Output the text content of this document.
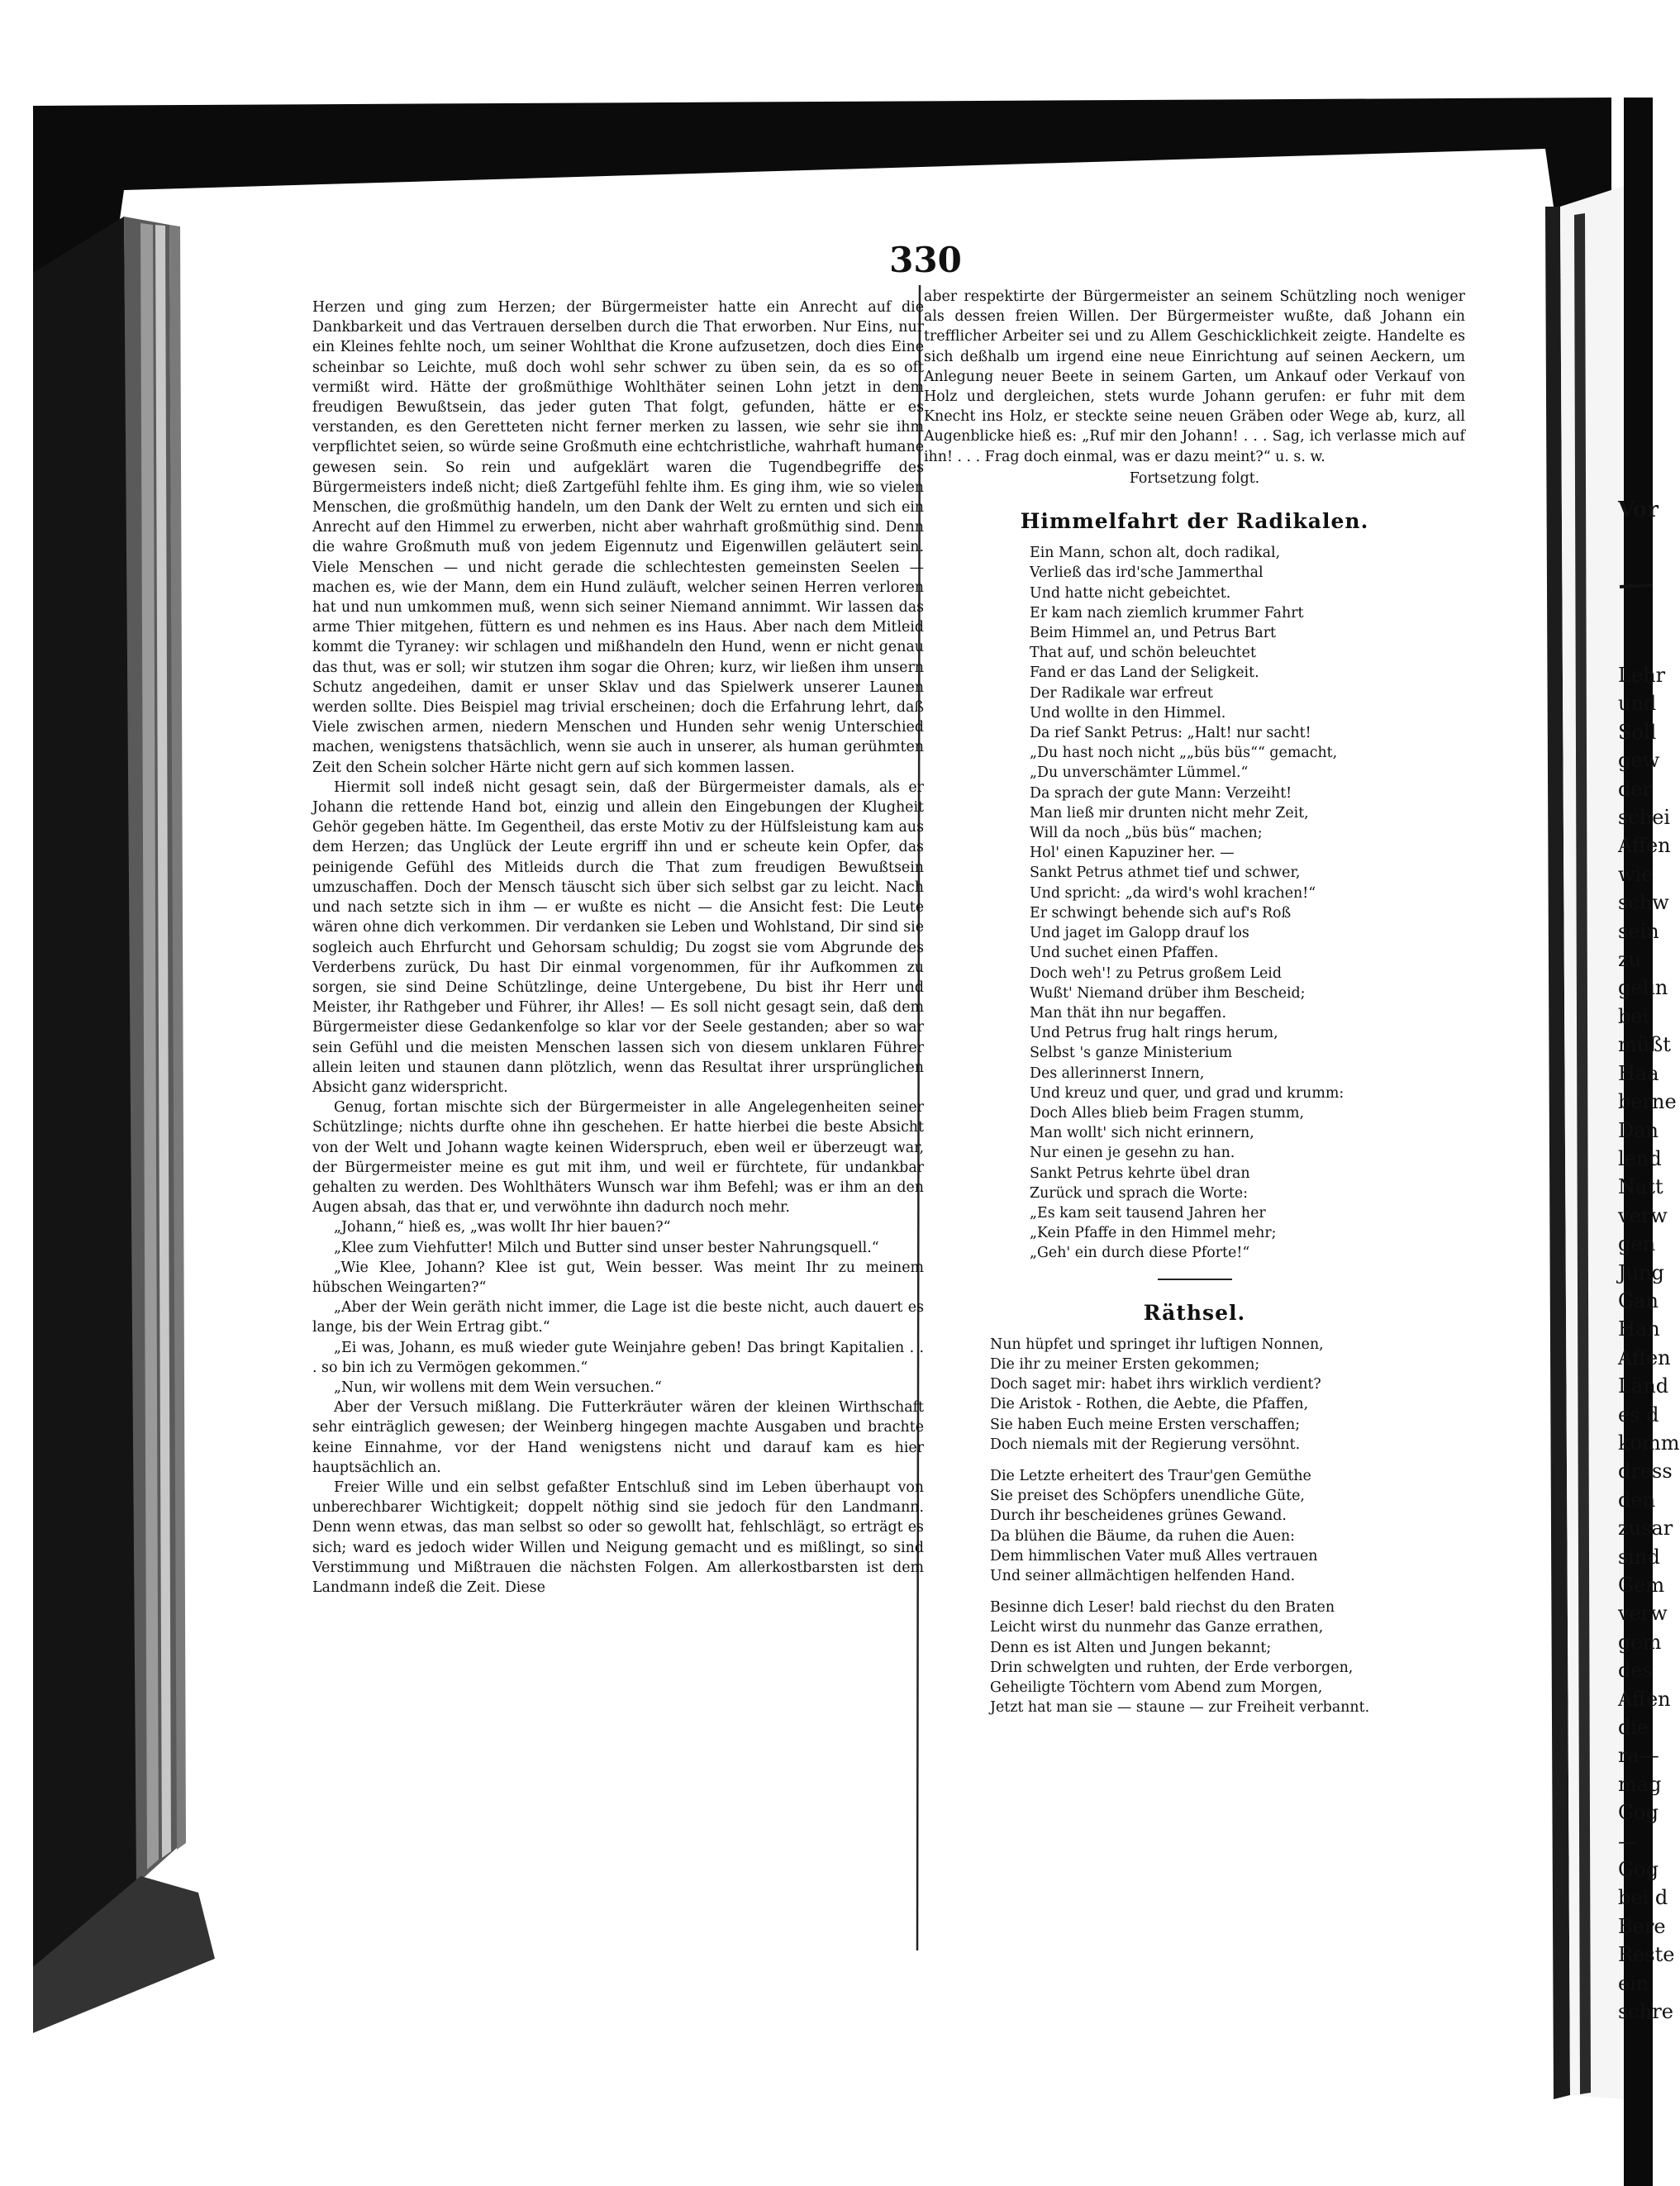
330

Herzen und ging zum Herzen; der Bürgermeister hatte ein Anrecht auf die Dankbarkeit und das Vertrauen derselben durch die That erworben. Nur Eins, nur ein Kleines fehlte noch, um seiner Wohlthat die Krone aufzusetzen, doch dies Eine scheinbar so Leichte, muß doch wohl sehr schwer zu üben sein, da es so oft vermißt wird. Hätte der großmüthige Wohlthäter seinen Lohn jetzt in dem freudigen Bewußtsein, das jeder guten That folgt, gefunden, hätte er es verstanden, es den Geretteten nicht ferner merken zu lassen, wie sehr sie ihm verpflichtet seien, so würde seine Großmuth eine echtchristliche, wahrhaft humane gewesen sein. So rein und aufgeklärt waren die Tugendbegriffe des Bürgermeisters indeß nicht; dieß Zartgefühl fehlte ihm. Es ging ihm, wie so vielen Menschen, die großmüthig handeln, um den Dank der Welt zu ernten und sich ein Anrecht auf den Himmel zu erwerben, nicht aber wahrhaft großmüthig sind. Denn die wahre Großmuth muß von jedem Eigennutz und Eigenwillen geläutert sein. Viele Menschen — und nicht gerade die schlechtesten gemeinsten Seelen — machen es, wie der Mann, dem ein Hund zuläuft, welcher seinen Herren verloren hat und nun umkommen muß, wenn sich seiner Niemand annimmt. Wir lassen das arme Thier mitgehen, füttern es und nehmen es ins Haus. Aber nach dem Mitleid kommt die Tyraney: wir schlagen und mißhandeln den Hund, wenn er nicht genau das thut, was er soll; wir stutzen ihm sogar die Ohren; kurz, wir ließen ihm unsern Schutz angedeihen, damit er unser Sklav und das Spielwerk unserer Launen werden sollte. Dies Beispiel mag trivial erscheinen; doch die Erfahrung lehrt, daß Viele zwischen armen, niedern Menschen und Hunden sehr wenig Unterschied machen, wenigstens thatsächlich, wenn sie auch in unserer, als human gerühmten Zeit den Schein solcher Härte nicht gern auf sich kommen lassen.

Hiermit soll indeß nicht gesagt sein, daß der Bürgermeister damals, als er Johann die rettende Hand bot, einzig und allein den Eingebungen der Klugheit Gehör gegeben hätte. Im Gegentheil, das erste Motiv zu der Hülfsleistung kam aus dem Herzen; das Unglück der Leute ergriff ihn und er scheute kein Opfer, das peinigende Gefühl des Mitleids durch die That zum freudigen Bewußtsein umzuschaffen. Doch der Mensch täuscht sich über sich selbst gar zu leicht. Nach und nach setzte sich in ihm — er wußte es nicht — die Ansicht fest: Die Leute wären ohne dich verkommen. Dir verdanken sie Leben und Wohlstand, Dir sind sie sogleich auch Ehrfurcht und Gehorsam schuldig; Du zogst sie vom Abgrunde des Verderbens zurück, Du hast Dir einmal vorgenommen, für ihr Aufkommen zu sorgen, sie sind Deine Schützlinge, deine Untergebene, Du bist ihr Herr und Meister, ihr Rathgeber und Führer, ihr Alles! — Es soll nicht gesagt sein, daß dem Bürgermeister diese Gedankenfolge so klar vor der Seele gestanden; aber so war sein Gefühl und die meisten Menschen lassen sich von diesem unklaren Führer allein leiten und staunen dann plötzlich, wenn das Resultat ihrer ursprünglichen Absicht ganz widerspricht.

Genug, fortan mischte sich der Bürgermeister in alle Angelegenheiten seiner Schützlinge; nichts durfte ohne ihn geschehen. Er hatte hierbei die beste Absicht von der Welt und Johann wagte keinen Widerspruch, eben weil er überzeugt war, der Bürgermeister meine es gut mit ihm, und weil er fürchtete, für undankbar gehalten zu werden. Des Wohlthäters Wunsch war ihm Befehl; was er ihm an den Augen absah, das that er, und verwöhnte ihn dadurch noch mehr.

„Johann,“ hieß es, „was wollt Ihr hier bauen?“

„Klee zum Viehfutter! Milch und Butter sind unser bester Nahrungsquell.“

„Wie Klee, Johann? Klee ist gut, Wein besser. Was meint Ihr zu meinem hübschen Weingarten?“

„Aber der Wein geräth nicht immer, die Lage ist die beste nicht, auch dauert es lange, bis der Wein Ertrag gibt.“

„Ei was, Johann, es muß wieder gute Weinjahre geben! Das bringt Kapitalien . . . so bin ich zu Vermögen gekommen.“

„Nun, wir wollens mit dem Wein versuchen.“

Aber der Versuch mißlang. Die Futterkräuter wären der kleinen Wirthschaft sehr einträglich gewesen; der Weinberg hingegen machte Ausgaben und brachte keine Einnahme, vor der Hand wenigstens nicht und darauf kam es hier hauptsächlich an.

Freier Wille und ein selbst gefaßter Entschluß sind im Leben überhaupt von unberechbarer Wichtigkeit; doppelt nöthig sind sie jedoch für den Landmann. Denn wenn etwas, das man selbst so oder so gewollt hat, fehlschlägt, so erträgt es sich; ward es jedoch wider Willen und Neigung gemacht und es mißlingt, so sind Verstimmung und Mißtrauen die nächsten Folgen. Am allerkostbarsten ist dem Landmann indeß die Zeit. Diese

aber respektirte der Bürgermeister an seinem Schützling noch weniger als dessen freien Willen. Der Bürgermeister wußte, daß Johann ein trefflicher Arbeiter sei und zu Allem Geschicklichkeit zeigte. Handelte es sich deßhalb um irgend eine neue Einrichtung auf seinen Aeckern, um Anlegung neuer Beete in seinem Garten, um Ankauf oder Verkauf von Holz und dergleichen, stets wurde Johann gerufen: er fuhr mit dem Knecht ins Holz, er steckte seine neuen Gräben oder Wege ab, kurz, all Augenblicke hieß es: „Ruf mir den Johann! . . . Sag, ich verlasse mich auf ihn! . . . Frag doch einmal, was er dazu meint?“ u. s. w.

Fortsetzung folgt.
Himmelfahrt der Radikalen.
Ein Mann, schon alt, doch radikal,
Verließ das ird'sche Jammerthal
Und hatte nicht gebeichtet.
Er kam nach ziemlich krummer Fahrt
Beim Himmel an, und Petrus Bart
That auf, und schön beleuchtet
Fand er das Land der Seligkeit.
Der Radikale war erfreut
Und wollte in den Himmel.
Da rief Sankt Petrus: „Halt! nur sacht!
„Du hast noch nicht „„büs büs““ gemacht,
„Du unverschämter Lümmel.“
Da sprach der gute Mann: Verzeiht!
Man ließ mir drunten nicht mehr Zeit,
Will da noch „büs büs“ machen;
Hol' einen Kapuziner her. —
Sankt Petrus athmet tief und schwer,
Und spricht: „da wird's wohl krachen!“
Er schwingt behende sich auf's Roß
Und jaget im Galopp drauf los
Und suchet einen Pfaffen.
Doch weh'! zu Petrus großem Leid
Wußt' Niemand drüber ihm Bescheid;
Man thät ihn nur begaffen.
Und Petrus frug halt rings herum,
Selbst 's ganze Ministerium
Des allerinnerst Innern,
Und kreuz und quer, und grad und krumm:
Doch Alles blieb beim Fragen stumm,
Man wollt' sich nicht erinnern,
Nur einen je gesehn zu han.
Sankt Petrus kehrte übel dran
Zurück und sprach die Worte:
„Es kam seit tausend Jahren her
„Kein Pfaffe in den Himmel mehr;
„Geh' ein durch diese Pforte!“
Räthsel.
Nun hüpfet und springet ihr luftigen Nonnen,
Die ihr zu meiner Ersten gekommen;
Doch saget mir: habet ihrs wirklich verdient?
Die Aristok - Rothen, die Aebte, die Pfaffen,
Sie haben Euch meine Ersten verschaffen;
Doch niemals mit der Regierung versöhnt.
Die Letzte erheitert des Traur'gen Gemüthe
Sie preiset des Schöpfers unendliche Güte,
Durch ihr bescheidenes grünes Gewand.
Da blühen die Bäume, da ruhen die Auen:
Dem himmlischen Vater muß Alles vertrauen
Und seiner allmächtigen helfenden Hand.
Besinne dich Leser! bald riechst du den Braten
Leicht wirst du nunmehr das Ganze errathen,
Denn es ist Alten und Jungen bekannt;
Drin schwelgten und ruhten, der Erde verborgen,
Geheiligte Töchtern vom Abend zum Morgen,
Jetzt hat man sie — staune — zur Freiheit verbannt.
Vor
Lehr
und
Soll
gew
der
schei
Affen
wie
schw
sein
zu
gelin
bei
müßt
Haa
berne
Dan
lend
Natt
verw
gen
Jung
Gan
Han
Affen
Länd
es d
komm
dress
den
zusar
sind
Gem
verw
gem
des
Affen
die
ra—
mag
Gog
—
Gog
bei d
Bere
Reste
ein
schre
